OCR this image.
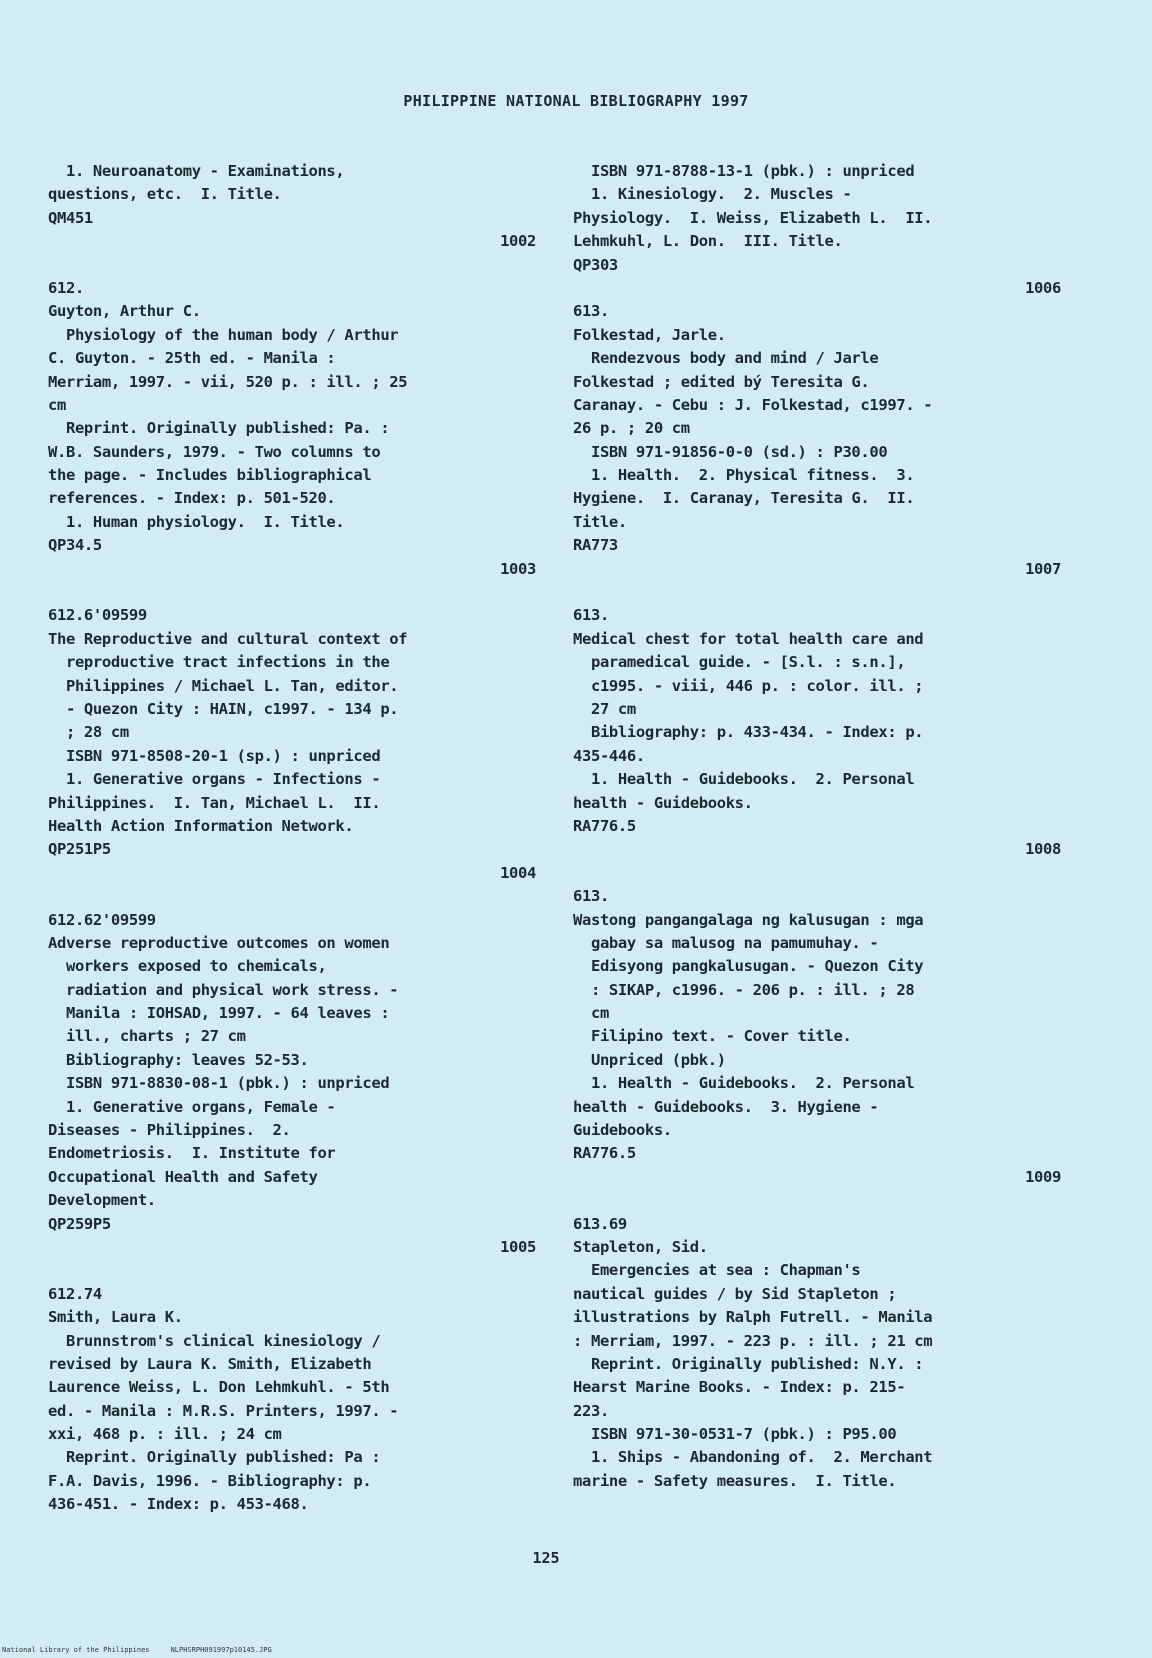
PHILIPPINE NATIONAL BIBLIOGRAPHY 1997
1. Neuroanatomy - Examinations,
questions, etc.  I. Title.
QM451
1002
612.
Guyton, Arthur C.
Physiology of the human body / Arthur
C. Guyton. - 25th ed. - Manila :
Merriam, 1997. - vii, 520 p. : ill. ; 25
cm
Reprint. Originally published: Pa. :
W.B. Saunders, 1979. - Two columns to
the page. - Includes bibliographical
references. - Index: p. 501-520.
1. Human physiology.  I. Title.
QP34.5
1003
612.6'09599
The Reproductive and cultural context of
reproductive tract infections in the
Philippines / Michael L. Tan, editor.
- Quezon City : HAIN, c1997. - 134 p.
; 28 cm
ISBN 971-8508-20-1 (sp.) : unpriced
1. Generative organs - Infections -
Philippines.  I. Tan, Michael L.  II.
Health Action Information Network.
QP251P5
1004
612.62'09599
Adverse reproductive outcomes on women
workers exposed to chemicals,
radiation and physical work stress. -
Manila : IOHSAD, 1997. - 64 leaves :
ill., charts ; 27 cm
Bibliography: leaves 52-53.
ISBN 971-8830-08-1 (pbk.) : unpriced
1. Generative organs, Female -
Diseases - Philippines.  2.
Endometriosis.  I. Institute for
Occupational Health and Safety
Development.
QP259P5
1005
612.74
Smith, Laura K.
Brunnstrom's clinical kinesiology /
revised by Laura K. Smith, Elizabeth
Laurence Weiss, L. Don Lehmkuhl. - 5th
ed. - Manila : M.R.S. Printers, 1997. -
xxi, 468 p. : ill. ; 24 cm
Reprint. Originally published: Pa :
F.A. Davis, 1996. - Bibliography: p.
436-451. - Index: p. 453-468.
ISBN 971-8788-13-1 (pbk.) : unpriced
1. Kinesiology.  2. Muscles -
Physiology.  I. Weiss, Elizabeth L.  II.
Lehmkuhl, L. Don.  III. Title.
QP303
1006
613.
Folkestad, Jarle.
Rendezvous body and mind / Jarle
Folkestad ; edited bý Teresita G.
Caranay. - Cebu : J. Folkestad, c1997. -
26 p. ; 20 cm
ISBN 971-91856-0-0 (sd.) : P30.00
1. Health.  2. Physical fitness.  3.
Hygiene.  I. Caranay, Teresita G.  II.
Title.
RA773
1007
613.
Medical chest for total health care and
paramedical guide. - [S.l. : s.n.],
c1995. - viii, 446 p. : color. ill. ;
27 cm
Bibliography: p. 433-434. - Index: p.
435-446.
1. Health - Guidebooks.  2. Personal
health - Guidebooks.
RA776.5
1008
613.
Wastong pangangalaga ng kalusugan : mga
gabay sa malusog na pamumuhay. -
Edisyong pangkalusugan. - Quezon City
: SIKAP, c1996. - 206 p. : ill. ; 28
cm
Filipino text. - Cover title.
Unpriced (pbk.)
1. Health - Guidebooks.  2. Personal
health - Guidebooks.  3. Hygiene -
Guidebooks.
RA776.5
1009
613.69
Stapleton, Sid.
Emergencies at sea : Chapman's
nautical guides / by Sid Stapleton ;
illustrations by Ralph Futrell. - Manila
: Merriam, 1997. - 223 p. : ill. ; 21 cm
Reprint. Originally published: N.Y. :
Hearst Marine Books. - Index: p. 215-
223.
ISBN 971-30-0531-7 (pbk.) : P95.00
1. Ships - Abandoning of.  2. Merchant
marine - Safety measures.  I. Title.
125
National Library of the Philippines     NLPHSRPH091997p10145.JPG
